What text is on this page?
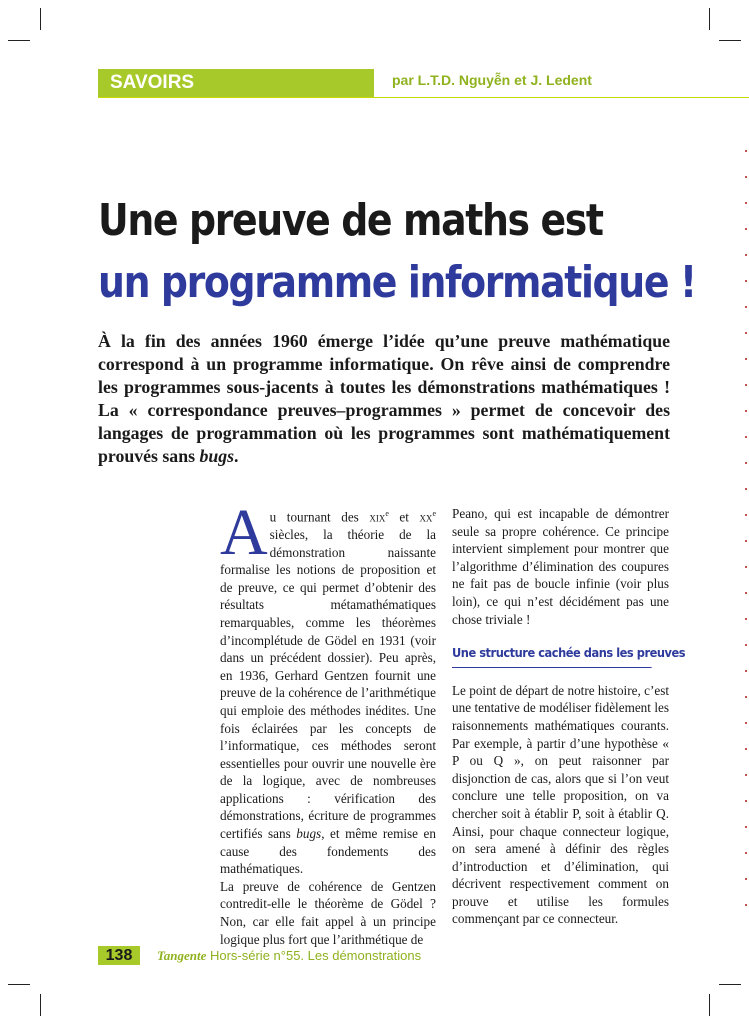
SAVOIRS	par L.T.D. Nguyễn et J. Ledent
Une preuve de maths est
un programme informatique !
À la fin des années 1960 émerge l’idée qu’une preuve mathématique correspond à un programme informatique. On rêve ainsi de comprendre les programmes sous-jacents à toutes les démonstrations mathématiques ! La « correspondance preuves–programmes » permet de concevoir des langages de programmation où les programmes sont mathématiquement prouvés sans bugs.

Au tournant des xix$^e$ et $xx^e$ siècles, la théorie de la démonstration naissante formalise les notions de proposition et de preuve, ce qui permet d’obtenir des résultats métamathématiques remarquables, comme les théorèmes d’incomplétude de Gödel en 1931 (voir dans un précédent dossier). Peu après, en 1936, Gerhard Gentzen fournit une preuve de la cohérence de l’arithmétique qui emploie des méthodes inédites. Une fois éclairées par les concepts de l’informatique, ces méthodes seront essentielles pour ouvrir une nouvelle ère de la logique, avec de nombreuses applications : vérification des démonstrations, écriture de programmes certifiés sans bugs, et même remise en cause des fondements des mathématiques.

La preuve de cohérence de Gentzen contredit-elle le théorème de Gödel ? Non, car elle fait appel à un principe logique plus fort que l’arithmétique de

Peano, qui est incapable de démontrer seule sa propre cohérence. Ce principe intervient simplement pour montrer que l’algorithme d’élimination des coupures ne fait pas de boucle infinie (voir plus loin), ce qui n’est décidément pas une chose triviale !

Une structure cachée dans les preuves

Le point de départ de notre histoire, c’est une tentative de modéliser fidèlement les raisonnements mathématiques courants. Par exemple, à partir d’une hypothèse « P ou Q », on peut raisonner par disjonction de cas, alors que si l’on veut conclure une telle proposition, on va chercher soit à établir P, soit à établir Q. Ainsi, pour chaque connecteur logique, on sera amené à définir des règles d’introduction et d’élimination, qui décrivent respectivement comment on prouve et utilise les formules commençant par ce connecteur.

138	Tangente Hors-série n°55. Les démonstrations
